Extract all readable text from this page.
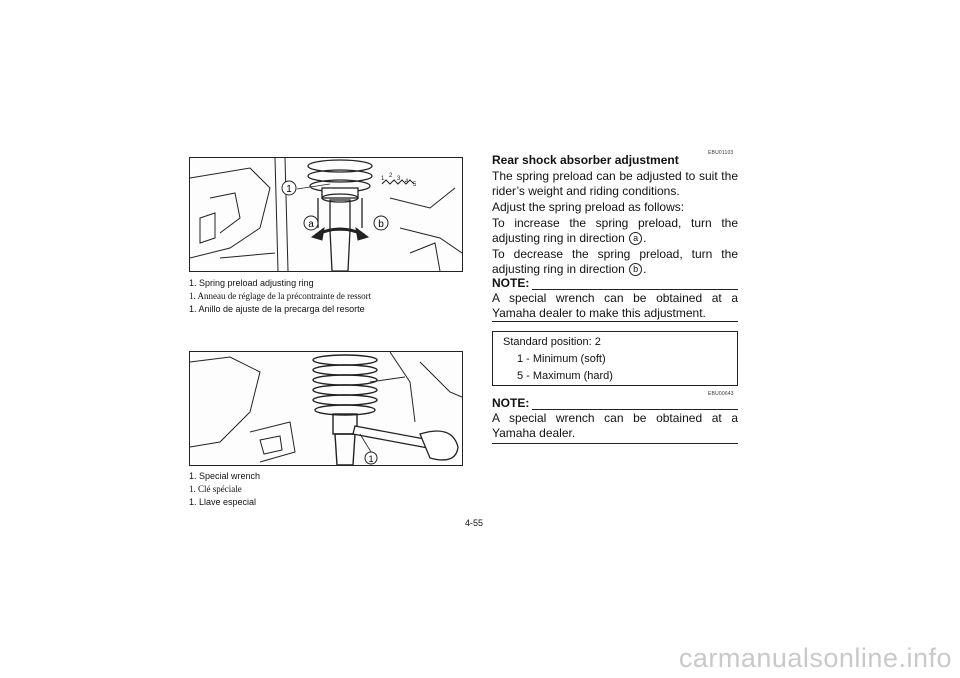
1 2 3 4 5
1
a	b
1. Spring preload adjusting ring
1. Anneau de réglage de la précontrainte de ressort
1. Anillo de ajuste de la precarga del resorte
1
1. Special wrench
1. Clé spéciale
1. Llave especial
EBU01103
Rear shock absorber adjustment
The spring preload can be adjusted to suit the rider’s weight and riding conditions.
Adjust the spring preload as follows:
To increase the spring preload, turn the adjusting ring in direction a .
To decrease the spring preload, turn the adjusting ring in direction b .
NOTE:
A special wrench can be obtained at a Yamaha dealer to make this adjustment.
Standard position: 2
1 - Minimum (soft)
5 - Maximum (hard)
EBU00643
NOTE:
A special wrench can be obtained at a Yamaha dealer.
4-55
carmanualsonline.info
